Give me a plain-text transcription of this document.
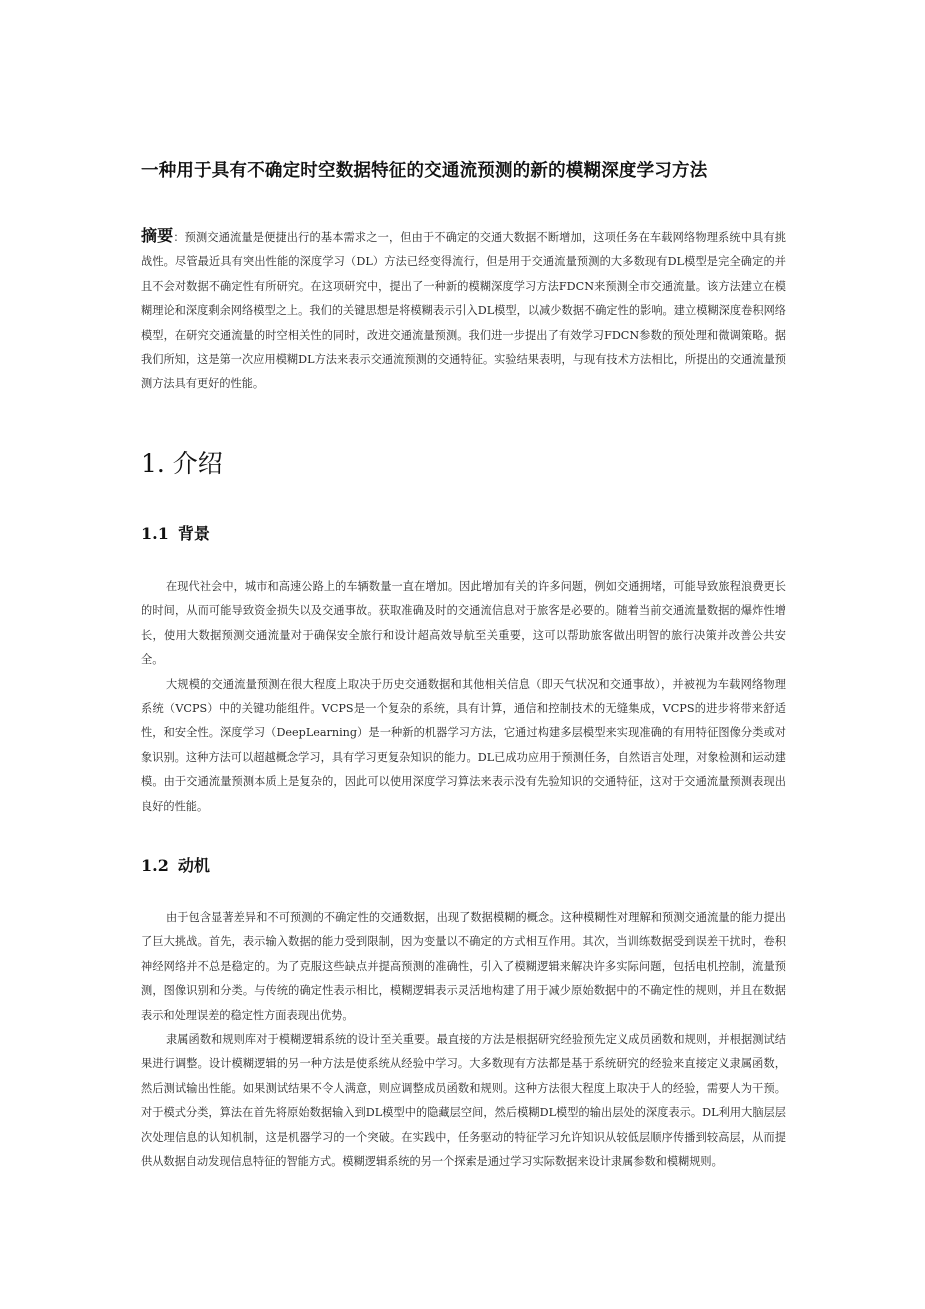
一种用于具有不确定时空数据特征的交通流预测的新的模糊深度学习方法

摘要：预测交通流量是便捷出行的基本需求之一，但由于不确定的交通大数据不断增加，这项任务在车载网络物理系统中具有挑战性。尽管最近具有突出性能的深度学习（DL）方法已经变得流行，但是用于交通流量预测的大多数现有DL模型是完全确定的并且不会对数据不确定性有所研究。在这项研究中，提出了一种新的模糊深度学习方法FDCN来预测全市交通流量。该方法建立在模糊理论和深度剩余网络模型之上。我们的关键思想是将模糊表示引入DL模型，以减少数据不确定性的影响。建立模糊深度卷积网络模型，在研究交通流量的时空相关性的同时，改进交通流量预测。我们进一步提出了有效学习FDCN参数的预处理和微调策略。据我们所知，这是第一次应用模糊DL方法来表示交通流预测的交通特征。实验结果表明，与现有技术方法相比，所提出的交通流量预测方法具有更好的性能。

1. 介绍
1.1 背景

在现代社会中，城市和高速公路上的车辆数量一直在增加。因此增加有关的许多问题，例如交通拥堵，可能导致旅程浪费更长的时间，从而可能导致资金损失以及交通事故。获取准确及时的交通流信息对于旅客是必要的。随着当前交通流量数据的爆炸性增长，使用大数据预测交通流量对于确保安全旅行和设计超高效导航至关重要，这可以帮助旅客做出明智的旅行决策并改善公共安全。

大规模的交通流量预测在很大程度上取决于历史交通数据和其他相关信息（即天气状况和交通事故），并被视为车载网络物理系统（VCPS）中的关键功能组件。VCPS是一个复杂的系统，具有计算，通信和控制技术的无缝集成，VCPS的进步将带来舒适性，和安全性。深度学习（DeepLearning）是一种新的机器学习方法，它通过构建多层模型来实现准确的有用特征图像分类或对象识别。这种方法可以超越概念学习，具有学习更复杂知识的能力。DL已成功应用于预测任务，自然语言处理，对象检测和运动建模。由于交通流量预测本质上是复杂的，因此可以使用深度学习算法来表示没有先验知识的交通特征，这对于交通流量预测表现出良好的性能。

1.2 动机

由于包含显著差异和不可预测的不确定性的交通数据，出现了数据模糊的概念。这种模糊性对理解和预测交通流量的能力提出了巨大挑战。首先，表示输入数据的能力受到限制，因为变量以不确定的方式相互作用。其次，当训练数据受到误差干扰时，卷积神经网络并不总是稳定的。为了克服这些缺点并提高预测的准确性，引入了模糊逻辑来解决许多实际问题，包括电机控制，流量预测，图像识别和分类。与传统的确定性表示相比，模糊逻辑表示灵活地构建了用于减少原始数据中的不确定性的规则，并且在数据表示和处理误差的稳定性方面表现出优势。

隶属函数和规则库对于模糊逻辑系统的设计至关重要。最直接的方法是根据研究经验预先定义成员函数和规则，并根据测试结果进行调整。设计模糊逻辑的另一种方法是使系统从经验中学习。大多数现有方法都是基于系统研究的经验来直接定义隶属函数，然后测试输出性能。如果测试结果不令人满意，则应调整成员函数和规则。这种方法很大程度上取决于人的经验，需要人为干预。对于模式分类，算法在首先将原始数据输入到DL模型中的隐藏层空间，然后模糊DL模型的输出层处的深度表示。DL利用大脑层层次处理信息的认知机制，这是机器学习的一个突破。在实践中，任务驱动的特征学习允许知识从较低层顺序传播到较高层，从而提供从数据自动发现信息特征的智能方式。模糊逻辑系统的另一个探索是通过学习实际数据来设计隶属参数和模糊规则。
